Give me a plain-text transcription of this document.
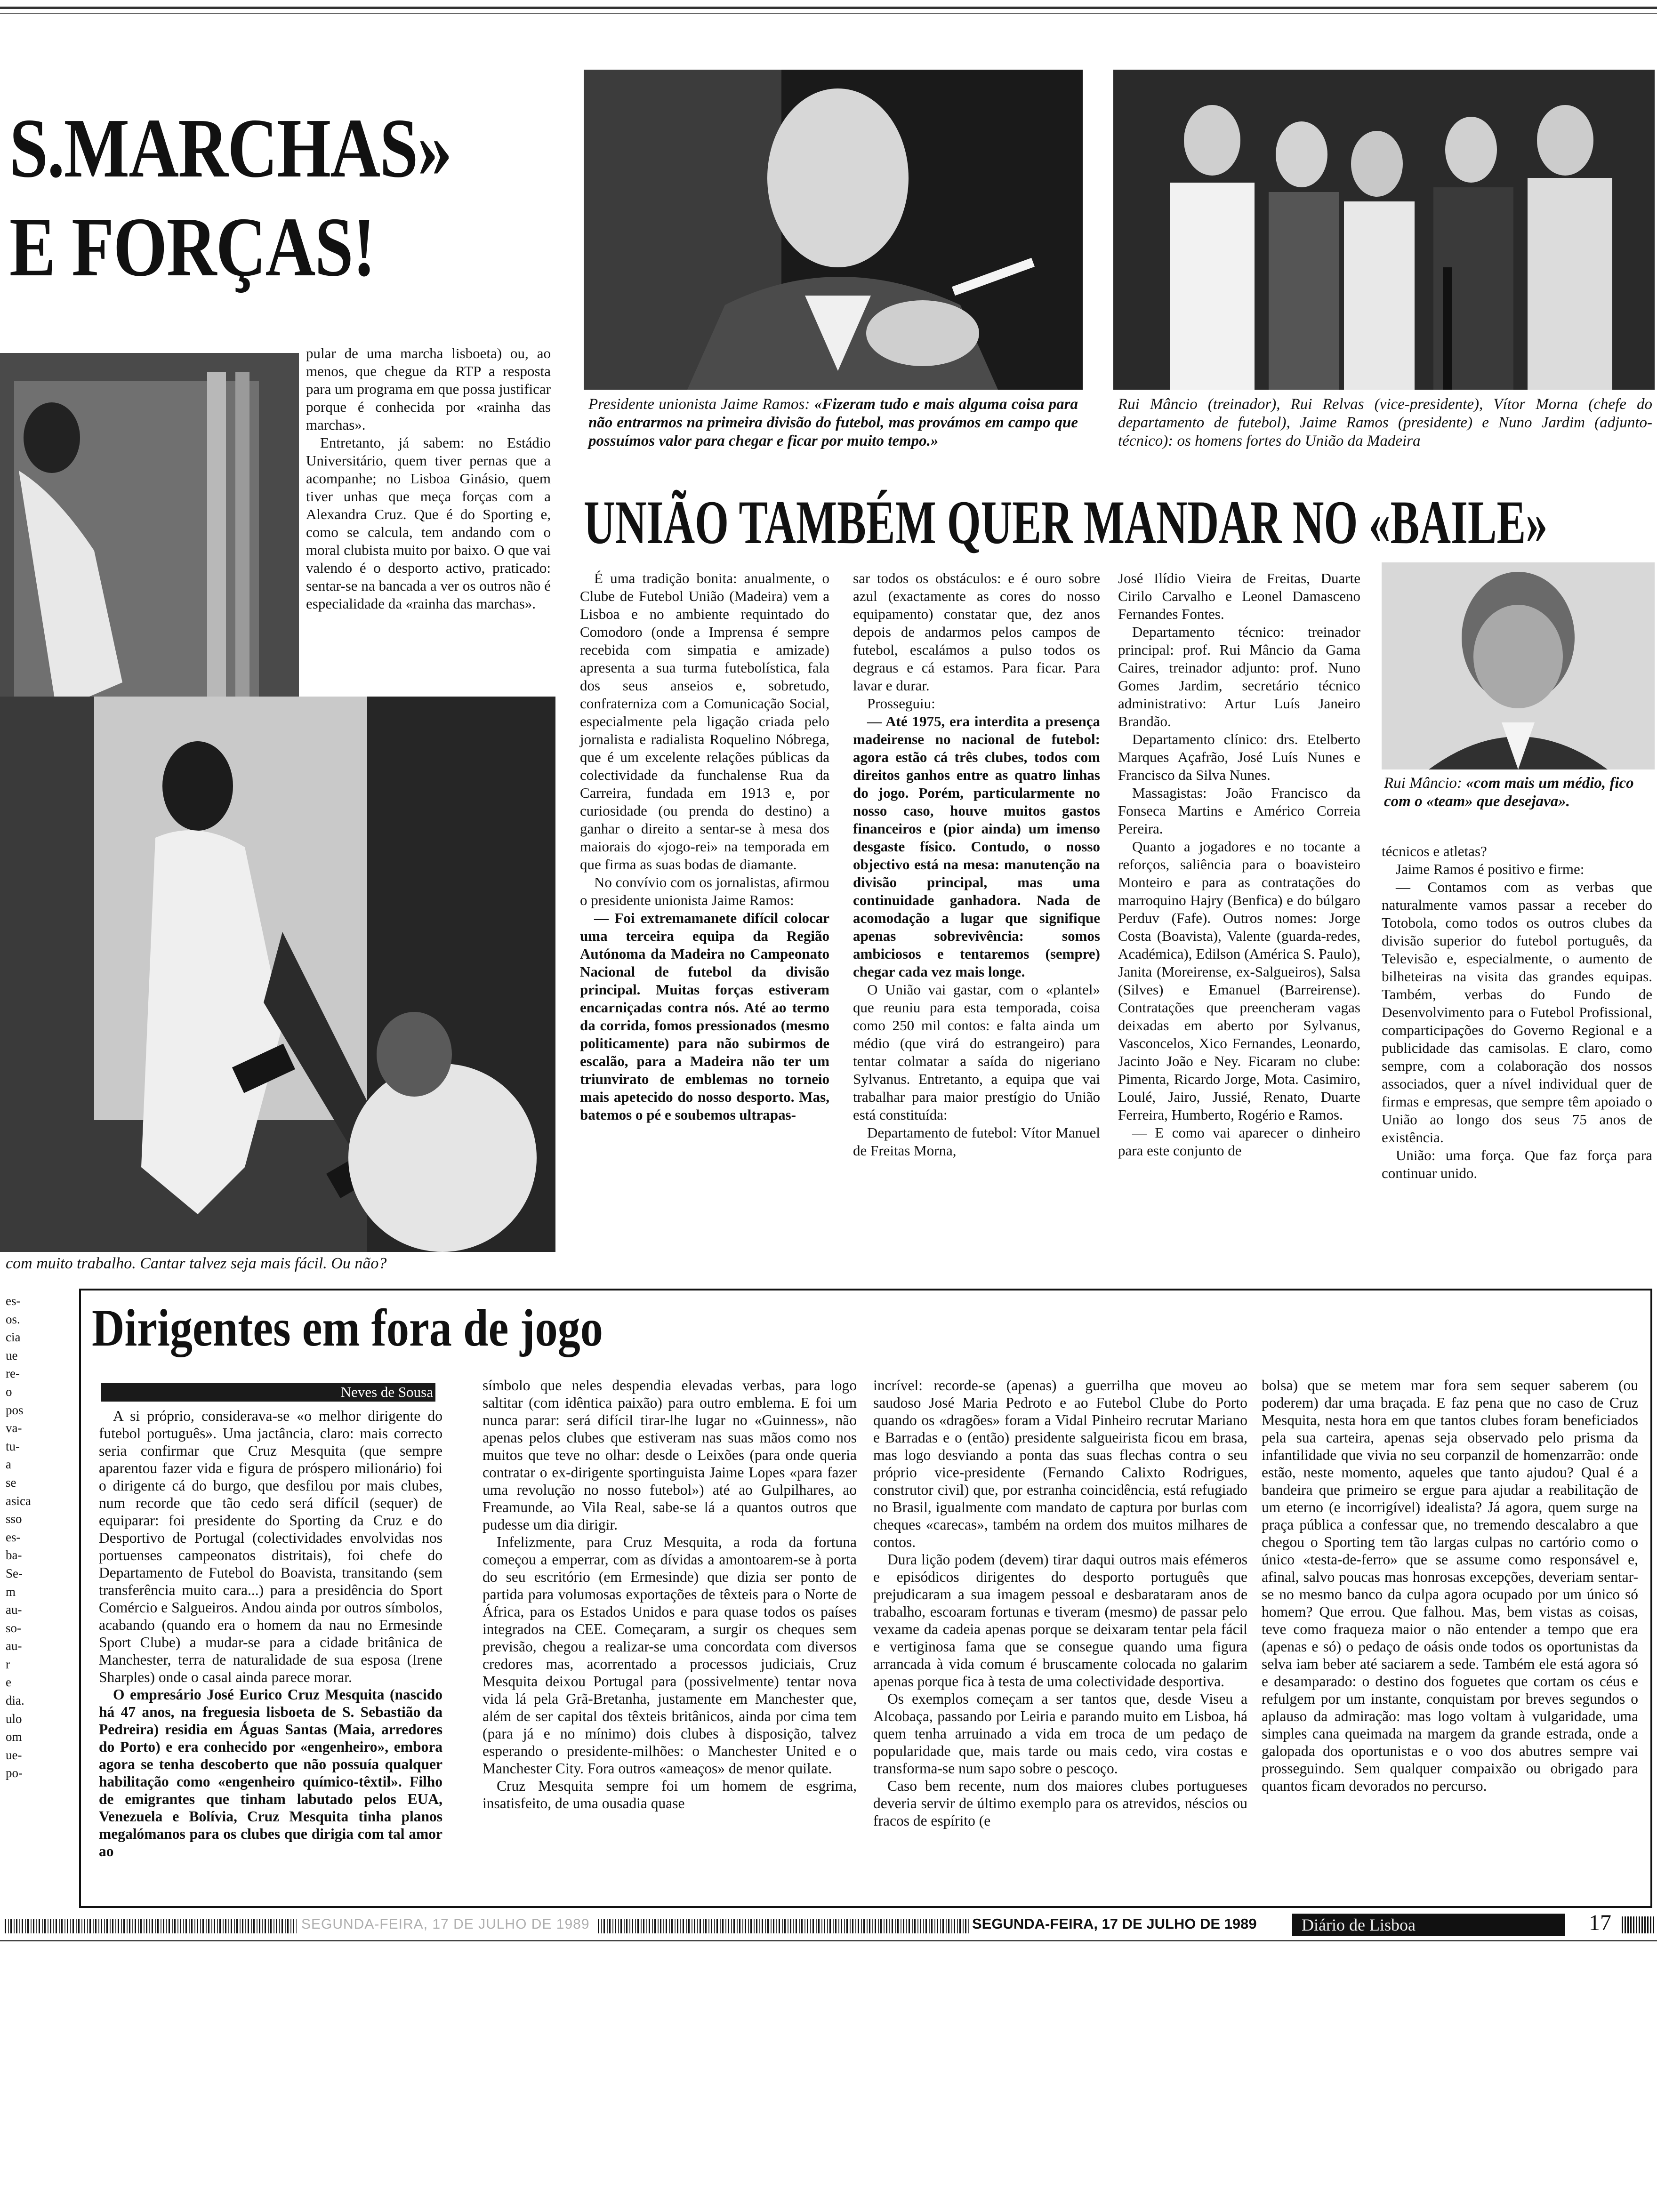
S.MARCHAS»
E FORÇAS!
com muito trabalho. Cantar talvez seja mais fácil. Ou não?

pular de uma marcha lisboeta) ou, ao menos, que chegue da RTP a resposta para um programa em que possa justificar porque é conhecida por «rainha das marchas».

Entretanto, já sabem: no Estádio Universitário, quem tiver pernas que a acompanhe; no Lisboa Ginásio, quem tiver unhas que meça forças com a Alexandra Cruz. Que é do Sporting e, como se calcula, tem andando com o moral clubista muito por baixo. O que vai valendo é o desporto activo, praticado: sentar-se na bancada a ver os outros não é especialidade da «rainha das marchas».

Presidente unionista Jaime Ramos: «Fizeram tudo e mais alguma coisa para não entrarmos na primeira divisão do futebol, mas provámos em campo que possuímos valor para chegar e ficar por muito tempo.»
Rui Mâncio (treinador), Rui Relvas (vice-presidente), Vítor Morna (chefe do departamento de futebol), Jaime Ramos (presidente) e Nuno Jardim (adjunto-técnico): os homens fortes do União da Madeira
UNIÃO TAMBÉM QUER MANDAR NO «BAILE»

É uma tradição bonita: anualmente, o Clube de Futebol União (Madeira) vem a Lisboa e no ambiente requintado do Comodoro (onde a Imprensa é sempre recebida com simpatia e amizade) apresenta a sua turma futebolística, fala dos seus anseios e, sobretudo, confraterniza com a Comunicação Social, especialmente pela ligação criada pelo jornalista e radialista Roquelino Nóbrega, que é um excelente relações públicas da colectividade da funchalense Rua da Carreira, fundada em 1913 e, por curiosidade (ou prenda do destino) a ganhar o direito a sentar-se à mesa dos maiorais do «jogo-rei» na temporada em que firma as suas bodas de diamante.

No convívio com os jornalistas, afirmou o presidente unionista Jaime Ramos:

— Foi extremamanete difícil colocar uma terceira equipa da Região Autónoma da Madeira no Campeonato Nacional de futebol da divisão principal. Muitas forças estiveram encarniçadas contra nós. Até ao termo da corrida, fomos pressionados (mesmo politicamente) para não subirmos de escalão, para a Madeira não ter um triunvirato de emblemas no torneio mais apetecido do nosso desporto. Mas, batemos o pé e soubemos ultrapas-

sar todos os obstáculos: e é ouro sobre azul (exactamente as cores do nosso equipamento) constatar que, dez anos depois de andarmos pelos campos de futebol, escalámos a pulso todos os degraus e cá estamos. Para ficar. Para lavar e durar.

Prosseguiu:

— Até 1975, era interdita a presença madeirense no nacional de futebol: agora estão cá três clubes, todos com direitos ganhos entre as quatro linhas do jogo. Porém, particularmente no nosso caso, houve muitos gastos financeiros e (pior ainda) um imenso desgaste físico. Contudo, o nosso objectivo está na mesa: manutenção na divisão principal, mas uma continuidade ganhadora. Nada de acomodação a lugar que signifique apenas sobrevivência: somos ambiciosos e tentaremos (sempre) chegar cada vez mais longe.

O União vai gastar, com o «plantel» que reuniu para esta temporada, coisa como 250 mil contos: e falta ainda um médio (que virá do estrangeiro) para tentar colmatar a saída do nigeriano Sylvanus. Entretanto, a equipa que vai trabalhar para maior prestígio do União está constituída:

Departamento de futebol: Vítor Manuel de Freitas Morna,

José Ilídio Vieira de Freitas, Duarte Cirilo Carvalho e Leonel Damasceno Fernandes Fontes.

Departamento técnico: treinador principal: prof. Rui Mâncio da Gama Caires, treinador adjunto: prof. Nuno Gomes Jardim, secretário técnico administrativo: Artur Luís Janeiro Brandão.

Departamento clínico: drs. Etelberto Marques Açafrão, José Luís Nunes e Francisco da Silva Nunes.

Massagistas: João Francisco da Fonseca Martins e Américo Correia Pereira.

Quanto a jogadores e no tocante a reforços, saliência para o boavisteiro Monteiro e para as contratações do marroquino Hajry (Benfica) e do búlgaro Perduv (Fafe). Outros nomes: Jorge Costa (Boavista), Valente (guarda-redes, Académica), Edilson (América S. Paulo), Janita (Moreirense, ex-Salgueiros), Salsa (Silves) e Emanuel (Barreirense). Contratações que preencheram vagas deixadas em aberto por Sylvanus, Vasconcelos, Xico Fernandes, Leonardo, Jacinto João e Ney. Ficaram no clube: Pimenta, Ricardo Jorge, Mota. Casimiro, Loulé, Jairo, Jussié, Renato, Duarte Ferreira, Humberto, Rogério e Ramos.

— E como vai aparecer o dinheiro para este conjunto de

Rui Mâncio: «com mais um médio, fico com o «team» que desejava».

técnicos e atletas?

Jaime Ramos é positivo e firme:

— Contamos com as verbas que naturalmente vamos passar a receber do Totobola, como todos os outros clubes da divisão superior do futebol português, da Televisão e, especialmente, o aumento de bilheteiras na visita das grandes equipas. Também, verbas do Fundo de Desenvolvimento para o Futebol Profissional, comparticipações do Governo Regional e a publicidade das camisolas. E claro, como sempre, com a colaboração dos nossos associados, quer a nível individual quer de firmas e empresas, que sempre têm apoiado o União ao longo dos seus 75 anos de existência.

União: uma força. Que faz força para continuar unido.

es-
os.
cia
ue
re-
o
pos
va-
tu-
a
se
asica
sso
es-
ba-
Se-
m
au-
so-
au-
r
e
dia.
ulo
om
ue-
po-
Dirigentes em fora de jogo
Neves de Sousa

A si próprio, considerava-se «o melhor dirigente do futebol português». Uma jactância, claro: mais correcto seria confirmar que Cruz Mesquita (que sempre aparentou fazer vida e figura de próspero milionário) foi o dirigente cá do burgo, que desfilou por mais clubes, num recorde que tão cedo será difícil (sequer) de equiparar: foi presidente do Sporting da Cruz e do Desportivo de Portugal (colectividades envolvidas nos portuenses campeonatos distritais), foi chefe do Departamento de Futebol do Boavista, transitando (sem transferência muito cara...) para a presidência do Sport Comércio e Salgueiros. Andou ainda por outros símbolos, acabando (quando era o homem da nau no Ermesinde Sport Clube) a mudar-se para a cidade britânica de Manchester, terra de naturalidade de sua esposa (Irene Sharples) onde o casal ainda parece morar.

O empresário José Eurico Cruz Mesquita (nascido há 47 anos, na freguesia lisboeta de S. Sebastião da Pedreira) residia em Águas Santas (Maia, arredores do Porto) e era conhecido por «engenheiro», embora agora se tenha descoberto que não possuía qualquer habilitação como «engenheiro químico-têxtil». Filho de emigrantes que tinham labutado pelos EUA, Venezuela e Bolívia, Cruz Mesquita tinha planos megalómanos para os clubes que dirigia com tal amor ao

símbolo que neles despendia elevadas verbas, para logo saltitar (com idêntica paixão) para outro emblema. E foi um nunca parar: será difícil tirar-lhe lugar no «Guinness», não apenas pelos clubes que estiveram nas suas mãos como nos muitos que teve no olhar: desde o Leixões (para onde queria contratar o ex-dirigente sportinguista Jaime Lopes «para fazer uma revolução no nosso futebol») até ao Gulpilhares, ao Freamunde, ao Vila Real, sabe-se lá a quantos outros que pudesse um dia dirigir.

Infelizmente, para Cruz Mesquita, a roda da fortuna começou a emperrar, com as dívidas a amontoarem-se à porta do seu escritório (em Ermesinde) que dizia ser ponto de partida para volumosas exportações de têxteis para o Norte de África, para os Estados Unidos e para quase todos os países integrados na CEE. Começaram, a surgir os cheques sem previsão, chegou a realizar-se uma concordata com diversos credores mas, acorrentado a processos judiciais, Cruz Mesquita deixou Portugal para (possivelmente) tentar nova vida lá pela Grã-Bretanha, justamente em Manchester que, além de ser capital dos têxteis britânicos, ainda por cima tem (para já e no mínimo) dois clubes à disposição, talvez esperando o presidente-milhões: o Manchester United e o Manchester City. Fora outros «ameaços» de menor quilate.

Cruz Mesquita sempre foi um homem de esgrima, insatisfeito, de uma ousadia quase

incrível: recorde-se (apenas) a guerrilha que moveu ao saudoso José Maria Pedroto e ao Futebol Clube do Porto quando os «dragões» foram a Vidal Pinheiro recrutar Mariano e Barradas e o (então) presidente salgueirista ficou em brasa, mas logo desviando a ponta das suas flechas contra o seu próprio vice-presidente (Fernando Calixto Rodrigues, construtor civil) que, por estranha coincidência, está refugiado no Brasil, igualmente com mandato de captura por burlas com cheques «carecas», também na ordem dos muitos milhares de contos.

Dura lição podem (devem) tirar daqui outros mais efémeros e episódicos dirigentes do desporto português que prejudicaram a sua imagem pessoal e desbarataram anos de trabalho, escoaram fortunas e tiveram (mesmo) de passar pelo vexame da cadeia apenas porque se deixaram tentar pela fácil e vertiginosa fama que se consegue quando uma figura arrancada à vida comum é bruscamente colocada no galarim apenas porque fica à testa de uma colectividade desportiva.

Os exemplos começam a ser tantos que, desde Viseu a Alcobaça, passando por Leiria e parando muito em Lisboa, há quem tenha arruinado a vida em troca de um pedaço de popularidade que, mais tarde ou mais cedo, vira costas e transforma-se num sapo sobre o pescoço.

Caso bem recente, num dos maiores clubes portugueses deveria servir de último exemplo para os atrevidos, néscios ou fracos de espírito (e

bolsa) que se metem mar fora sem sequer saberem (ou poderem) dar uma braçada. E faz pena que no caso de Cruz Mesquita, nesta hora em que tantos clubes foram beneficiados pela sua carteira, apenas seja observado pelo prisma da infantilidade que vivia no seu corpanzil de homenzarrão: onde estão, neste momento, aqueles que tanto ajudou? Qual é a bandeira que primeiro se ergue para ajudar a reabilitação de um eterno (e incorrigível) idealista? Já agora, quem surge na praça pública a confessar que, no tremendo descalabro a que chegou o Sporting tem tão largas culpas no cartório como o único «testa-de-ferro» que se assume como responsável e, afinal, salvo poucas mas honrosas excepções, deveriam sentar-se no mesmo banco da culpa agora ocupado por um único só homem? Que errou. Que falhou. Mas, bem vistas as coisas, teve como fraqueza maior o não entender a tempo que era (apenas e só) o pedaço de oásis onde todos os oportunistas da selva iam beber até saciarem a sede. Também ele está agora só e desamparado: o destino dos foguetes que cortam os céus e refulgem por um instante, conquistam por breves segundos o aplauso da admiração: mas logo voltam à vulgaridade, uma simples cana queimada na margem da grande estrada, onde a galopada dos oportunistas e o voo dos abutres sempre vai prosseguindo. Sem qualquer compaixão ou obrigado para quantos ficam devorados no percurso.

SEGUNDA-FEIRA, 17 DE JULHO DE 1989	SEGUNDA-FEIRA, 17 DE JULHO DE 1989	Diário de Lisboa	17
